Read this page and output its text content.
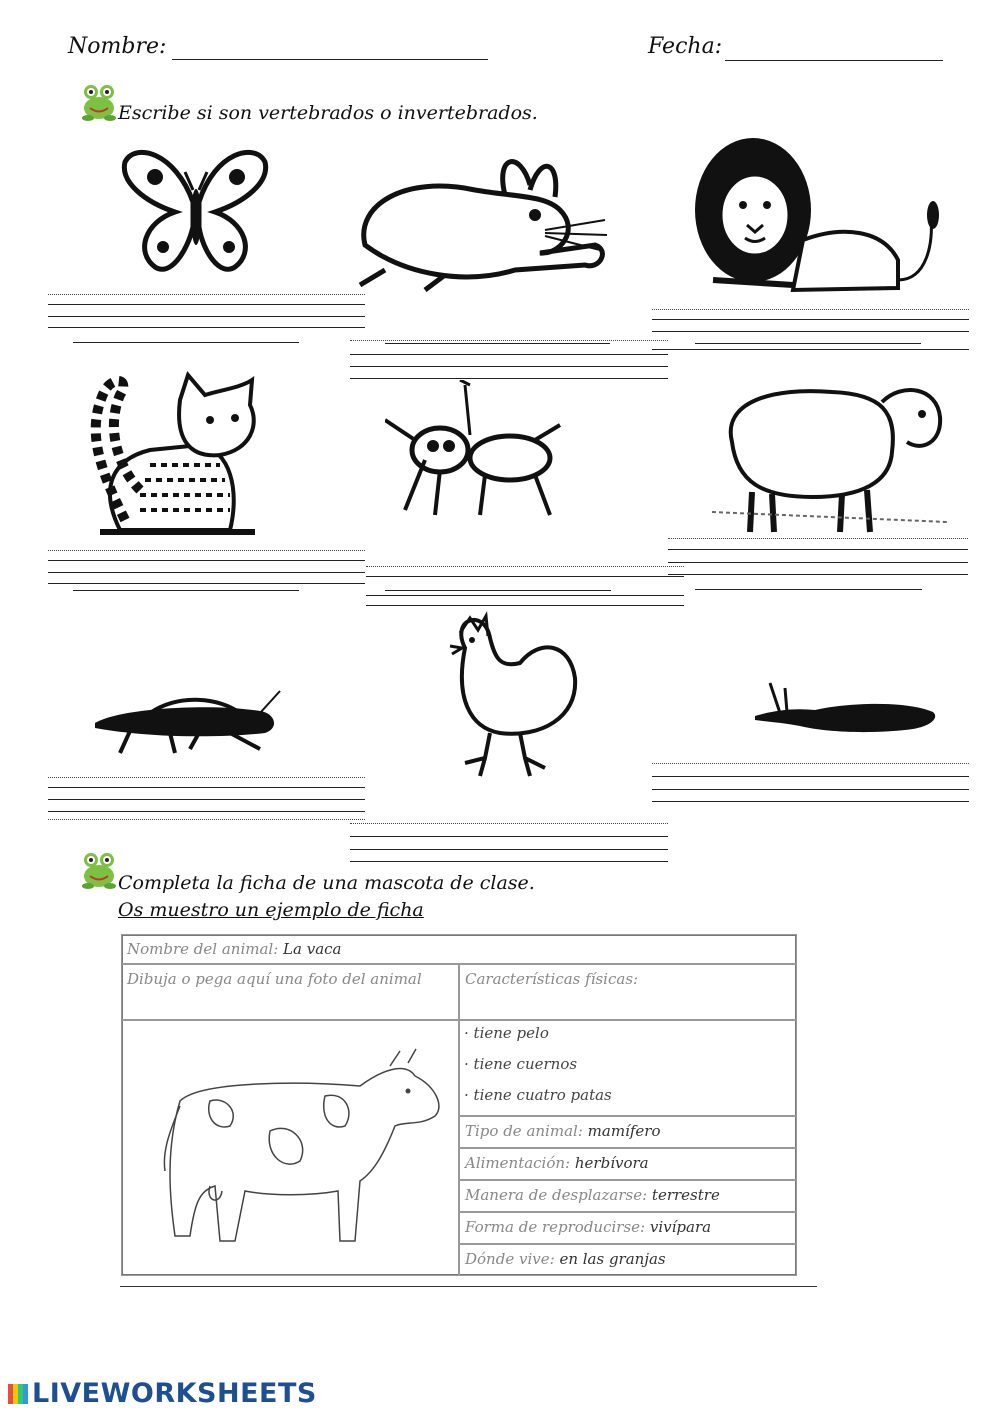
Nombre:	Fecha:
Escribe si son vertebrados o invertebrados.
Completa la ficha de una mascota de clase.
Os muestro un ejemplo de ficha
Nombre del animal: La vaca
Dibuja o pega aquí una foto del animal	Características físicas:
· tiene pelo
· tiene cuernos
· tiene cuatro patas
Tipo de animal: mamífero
Alimentación: herbívora
Manera de desplazarse: terrestre
Forma de reproducirse: vivípara
Dónde vive: en las granjas
LIVEWORKSHEETS
